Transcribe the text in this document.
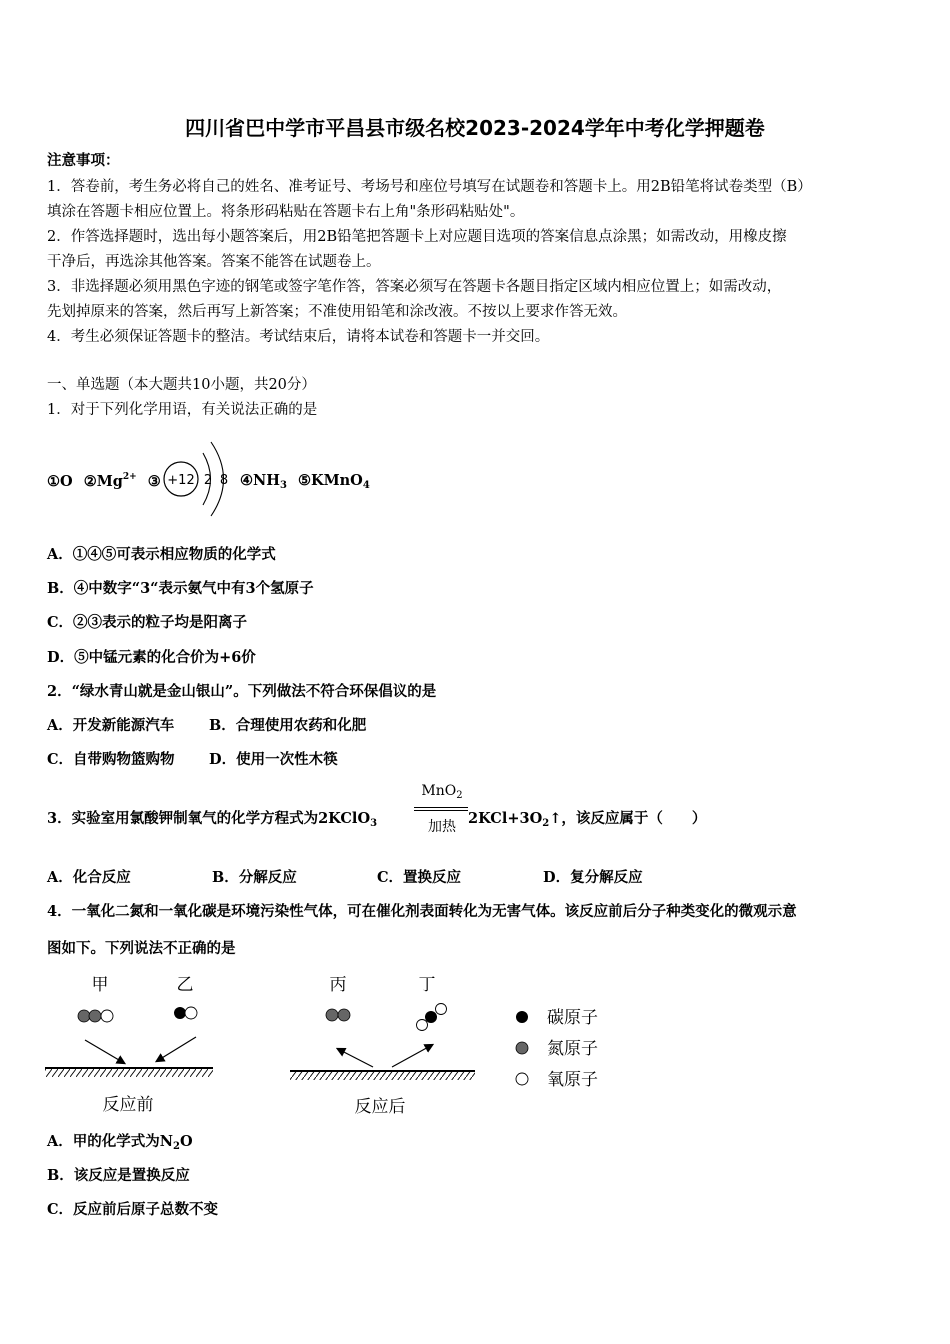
四川省巴中学市平昌县市级名校2023-2024学年中考化学押题卷
注意事项：
1．答卷前，考生务必将自己的姓名、准考证号、考场号和座位号填写在试题卷和答题卡上。用2B铅笔将试卷类型（B）
填涂在答题卡相应位置上。将条形码粘贴在答题卡右上角"条形码粘贴处"。
2．作答选择题时，选出每小题答案后，用2B铅笔把答题卡上对应题目选项的答案信息点涂黑；如需改动，用橡皮擦
干净后，再选涂其他答案。答案不能答在试题卷上。
3．非选择题必须用黑色字迹的钢笔或签字笔作答，答案必须写在答题卡各题目指定区域内相应位置上；如需改动，
先划掉原来的答案，然后再写上新答案；不准使用铅笔和涂改液。不按以上要求作答无效。
4．考生必须保证答题卡的整洁。考试结束后，请将本试卷和答题卡一并交回。
一、单选题（本大题共10小题，共20分）
1．对于下列化学用语，有关说法正确的是
①O $②Mg^{2+}$ ③ +12 2 8 $④NH_3$ ⑤KMnO$_4$
A．①④⑤可表示相应物质的化学式
B．④中数字“3“表示氨气中有3个氢原子
C．②③表示的粒子均是阳离子
D．⑤中锰元素的化合价为+6价
2．“绿水青山就是金山银山”。下列做法不符合环保倡议的是
A．开发新能源汽车 B．合理使用农药和化肥
C．自带购物篮购物 D．使用一次性木筷
3．实验室用氯酸钾制氧气的化学方程式为2KClO$_3$
MnO$_2$
加热 $2KCl+3O_2↑$，该反应属于（　　）
A．化合反应	B．分解反应	C．置换反应	D．复分解反应
4．一氧化二氮和一氧化碳是环境污染性气体，可在催化剂表面转化为无害气体。该反应前后分子种类变化的微观示意
图如下。下列说法不正确的是
甲	乙	丙	丁
反应前	反应后
碳原子
氮原子
氧原子
A．甲的化学式为$N_2O$
B．该反应是置换反应
C．反应前后原子总数不变
